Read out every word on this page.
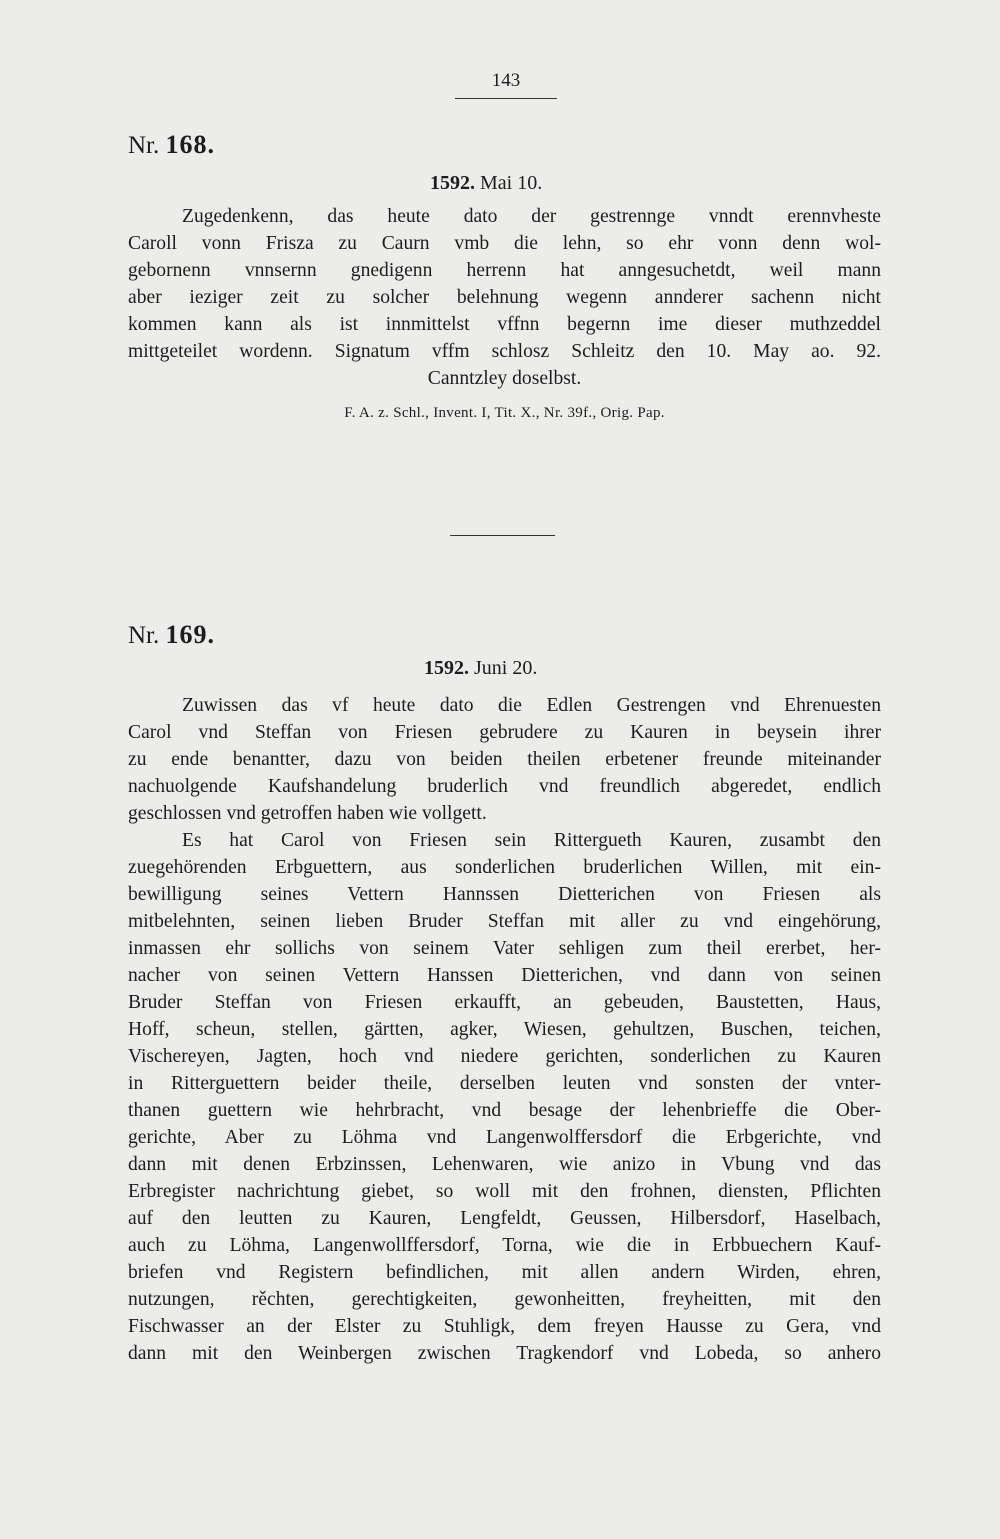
143
Nr. 168.
1592. Mai 10.
Zugedenkenn, das heute dato der gestrennge vnndt erennvheste
Caroll vonn Frisza zu Caurn vmb die lehn, so ehr vonn denn wol-
gebornenn vnnsernn gnedigenn herrenn hat anngesuchetdt, weil mann
aber ieziger zeit zu solcher belehnung wegenn annderer sachenn nicht
kommen kann als ist innmittelst vffnn begernn ime dieser muthzeddel
mittgeteilet wordenn. Signatum vffm schlosz Schleitz den 10. May ao. 92.
Canntzley doselbst.
F. A. z. Schl., Invent. I, Tit. X., Nr. 39f., Orig. Pap.
Nr. 169.
1592. Juni 20.
Zuwissen das vf heute dato die Edlen Gestrengen vnd Ehrenuesten
Carol vnd Steffan von Friesen gebrudere zu Kauren in beysein ihrer
zu ende benantter, dazu von beiden theilen erbetener freunde miteinander
nachuolgende Kaufshandelung bruderlich vnd freundlich abgeredet, endlich
geschlossen vnd getroffen haben wie vollgett.
Es hat Carol von Friesen sein Rittergueth Kauren, zusambt den
zuegehörenden Erbguettern, aus sonderlichen bruderlichen Willen, mit ein-
bewilligung seines Vettern Hannssen Dietterichen von Friesen als
mitbelehnten, seinen lieben Bruder Steffan mit aller zu vnd eingehörung,
inmassen ehr sollichs von seinem Vater sehligen zum theil ererbet, her-
nacher von seinen Vettern Hanssen Dietterichen, vnd dann von seinen
Bruder Steffan von Friesen erkaufft, an gebeuden, Baustetten, Haus,
Hoff, scheun, stellen, gärtten, agker, Wiesen, gehultzen, Buschen, teichen,
Vischereyen, Jagten, hoch vnd niedere gerichten, sonderlichen zu Kauren
in Ritterguettern beider theile, derselben leuten vnd sonsten der vnter-
thanen guettern wie hehrbracht, vnd besage der lehenbrieffe die Ober-
gerichte, Aber zu Löhma vnd Langenwolffersdorf die Erbgerichte, vnd
dann mit denen Erbzinssen, Lehenwaren, wie anizo in Vbung vnd das
Erbregister nachrichtung giebet, so woll mit den frohnen, diensten, Pflichten
auf den leutten zu Kauren, Lengfeldt, Geussen, Hilbersdorf, Haselbach,
auch zu Löhma, Langenwollffersdorf, Torna, wie die in Erbbuechern Kauf-
briefen vnd Registern befindlichen, mit allen andern Wirden, ehren,
nutzungen, rěchten, gerechtigkeiten, gewonheitten, freyheitten, mit den
Fischwasser an der Elster zu Stuhligk, dem freyen Hausse zu Gera, vnd
dann mit den Weinbergen zwischen Tragkendorf vnd Lobeda, so anhero
